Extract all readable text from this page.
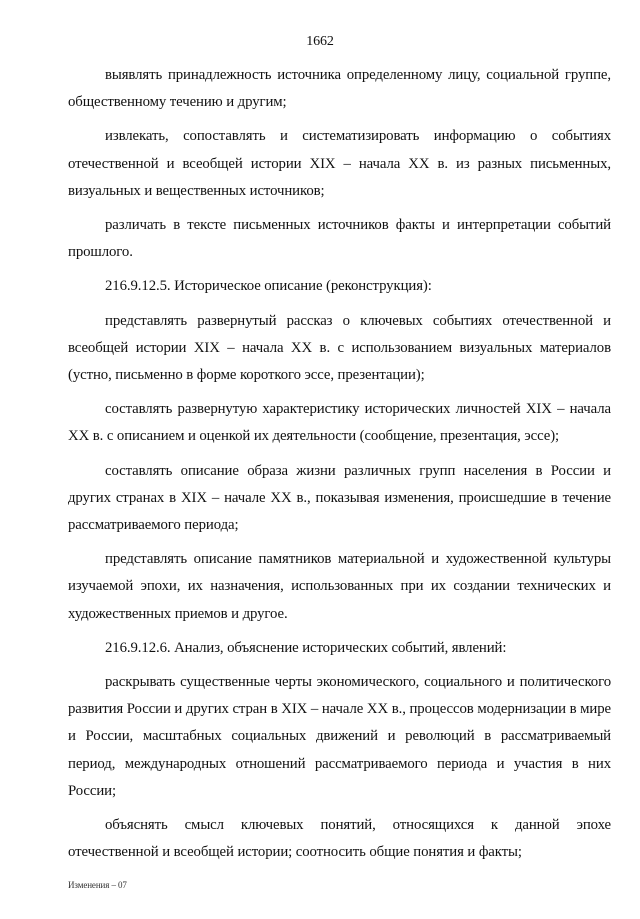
1662

выявлять принадлежность источника определенному лицу, социальной группе, общественному течению и другим;

извлекать, сопоставлять и систематизировать информацию о событиях отечественной и всеобщей истории XIX – начала XX в. из разных письменных, визуальных и вещественных источников;

различать в тексте письменных источников факты и интерпретации событий прошлого.

216.9.12.5. Историческое описание (реконструкция):

представлять развернутый рассказ о ключевых событиях отечественной и всеобщей истории XIX – начала XX в. с использованием визуальных материалов (устно, письменно в форме короткого эссе, презентации);

составлять развернутую характеристику исторических личностей XIX – начала XX в. с описанием и оценкой их деятельности (сообщение, презентация, эссе);

составлять описание образа жизни различных групп населения в России и других странах в XIX – начале XX в., показывая изменения, происшедшие в течение рассматриваемого периода;

представлять описание памятников материальной и художественной культуры изучаемой эпохи, их назначения, использованных при их создании технических и художественных приемов и другое.

216.9.12.6. Анализ, объяснение исторических событий, явлений:

раскрывать существенные черты экономического, социального и политического развития России и других стран в XIX – начале XX в., процессов модернизации в мире и России, масштабных социальных движений и революций в рассматриваемый период, международных отношений рассматриваемого периода и участия в них России;

объяснять смысл ключевых понятий, относящихся к данной эпохе отечественной и всеобщей истории; соотносить общие понятия и факты;

Изменения – 07
